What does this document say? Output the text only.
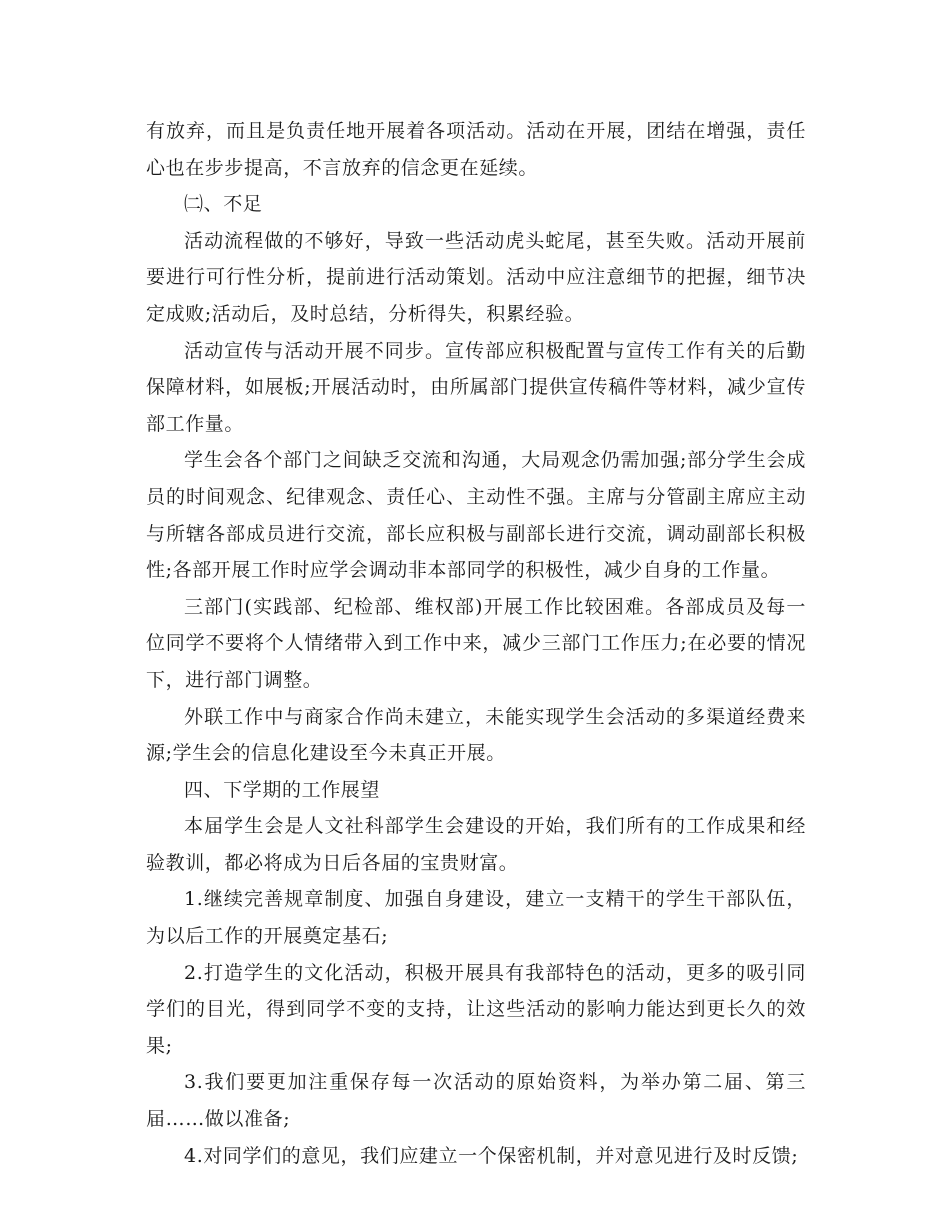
有放弃，而且是负责任地开展着各项活动。活动在开展，团结在增强，责任心也在步步提高，不言放弃的信念更在延续。

㈡、不足

活动流程做的不够好，导致一些活动虎头蛇尾，甚至失败。活动开展前要进行可行性分析，提前进行活动策划。活动中应注意细节的把握，细节决定成败;活动后，及时总结，分析得失，积累经验。

活动宣传与活动开展不同步。宣传部应积极配置与宣传工作有关的后勤保障材料，如展板;开展活动时，由所属部门提供宣传稿件等材料，减少宣传部工作量。

学生会各个部门之间缺乏交流和沟通，大局观念仍需加强;部分学生会成员的时间观念、纪律观念、责任心、主动性不强。主席与分管副主席应主动与所辖各部成员进行交流，部长应积极与副部长进行交流，调动副部长积极性;各部开展工作时应学会调动非本部同学的积极性，减少自身的工作量。

三部门(实践部、纪检部、维权部)开展工作比较困难。各部成员及每一位同学不要将个人情绪带入到工作中来，减少三部门工作压力;在必要的情况下，进行部门调整。

外联工作中与商家合作尚未建立，未能实现学生会活动的多渠道经费来源;学生会的信息化建设至今未真正开展。

四、下学期的工作展望

本届学生会是人文社科部学生会建设的开始，我们所有的工作成果和经验教训，都必将成为日后各届的宝贵财富。

1.继续完善规章制度、加强自身建设，建立一支精干的学生干部队伍，为以后工作的开展奠定基石;

2.打造学生的文化活动，积极开展具有我部特色的活动，更多的吸引同学们的目光，得到同学不变的支持，让这些活动的影响力能达到更长久的效果;

3.我们要更加注重保存每一次活动的原始资料，为举办第二届、第三届……做以准备;

4.对同学们的意见，我们应建立一个保密机制，并对意见进行及时反馈;
